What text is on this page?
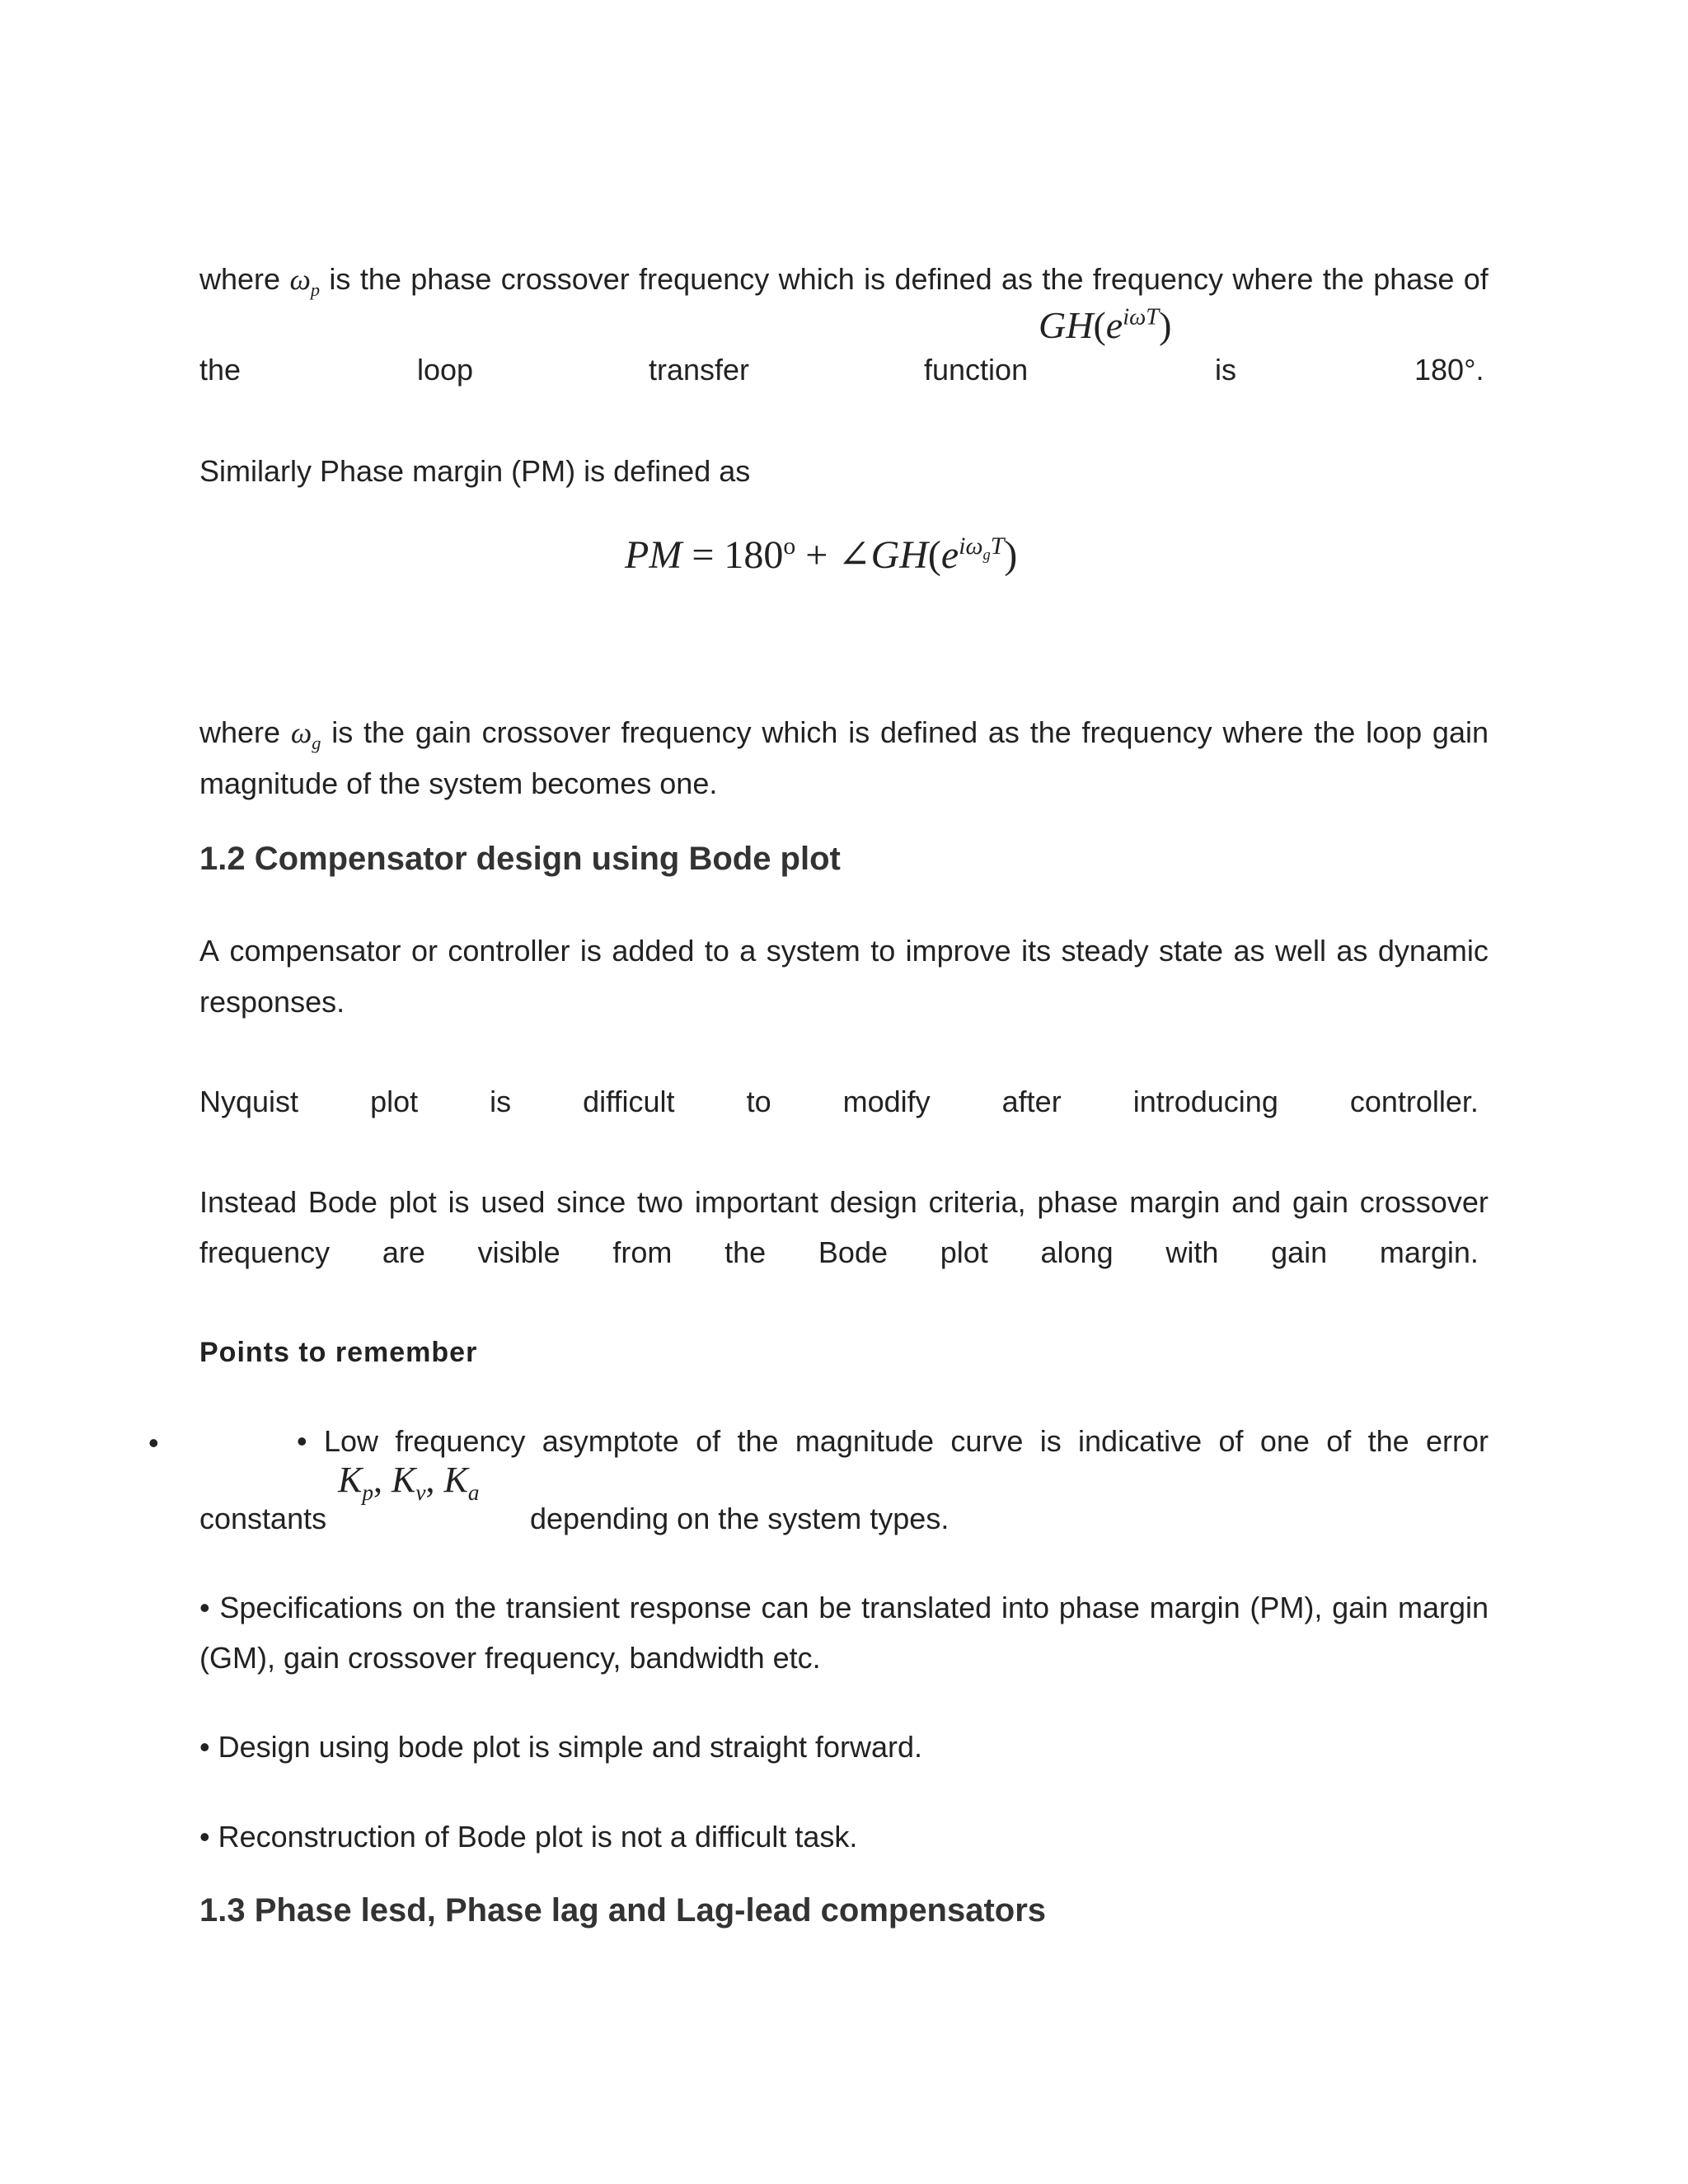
where $\omega_p$ is the phase crossover frequency which is defined as the frequency where the phase of
$GH(e^{i\omega T})$
the	loop	transfer	function	is	180°.
Similarly Phase margin (PM) is defined as
PM = $180^o$ + $\angle GH(e^{i\omega_gT})$
where $\omega_g$ is the gain crossover frequency which is defined as the frequency where the loop gain
magnitude of the system becomes one.
1.2 Compensator design using Bode plot
A compensator or controller is added to a system to improve its steady state as well as dynamic
responses.
Nyquist plot is difficult to modify after introducing controller.
Instead Bode plot is used since two important design criteria, phase margin and gain crossover
frequency are visible from the Bode plot along with gain margin.
Points to remember
•	• Low frequency asymptote of the magnitude curve is indicative of one of the error
$K_p$, $K_v$, $K_a$
constants	depending on the system types.
• Specifications on the transient response can be translated into phase margin (PM), gain margin
(GM), gain crossover frequency, bandwidth etc.
• Design using bode plot is simple and straight forward.
• Reconstruction of Bode plot is not a difficult task.
1.3 Phase lesd, Phase lag and Lag-lead compensators
